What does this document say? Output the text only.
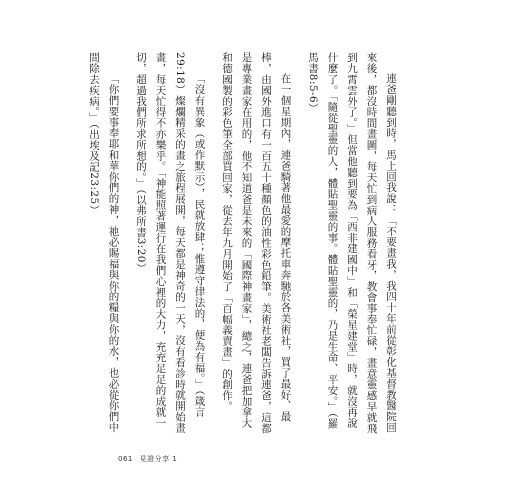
連爸剛聽到時，馬上回我說：「不要畫我，我四十年前從彰化基督教醫院回來後，都沒時間畫圖，每天忙到病人服務看牙，教會事奉忙碌，畫意靈感早就飛到九霄雲外了。」但當他聽到要為「西非建國中」和「榮星建堂」時，就沒再說什麼了。「隨從聖靈的人，體貼聖靈的事。體貼聖靈的，乃是生命、平安。」（羅馬書8:5-6）

在一個星期內，連爸騎著他最愛的摩托車奔馳於各美術社，買了最好、最棒，由國外進口有一百五十種顏色的油性彩色鉛筆。美術社老闆告訴連爸，這都是專業畫家在用的，他不知道爸是未來的「國際神畫家」，總之，連爸把加拿大和德國製的彩色筆全部買回家，從去年九月開始了「百幅義賣畫」的創作。

「沒有異象（或作默示），民就放肆；惟遵守律法的，便為有福。」（箴言29:18）燦爛精采的畫之旅程展開，每天都是神奇的一天，沒有看診時就開始畫畫，每天忙得不亦樂乎。「神能照著運行在我們心裡的大力，充充足足的成就一切，超過我們所求所想的。」（以弗所書3:20）

「你們要事奉耶和華你們的神，祂必賜福與你的糧與你的水，也必從你們中間除去疾病。」（出埃及記23:25）

061 見證分享 1
